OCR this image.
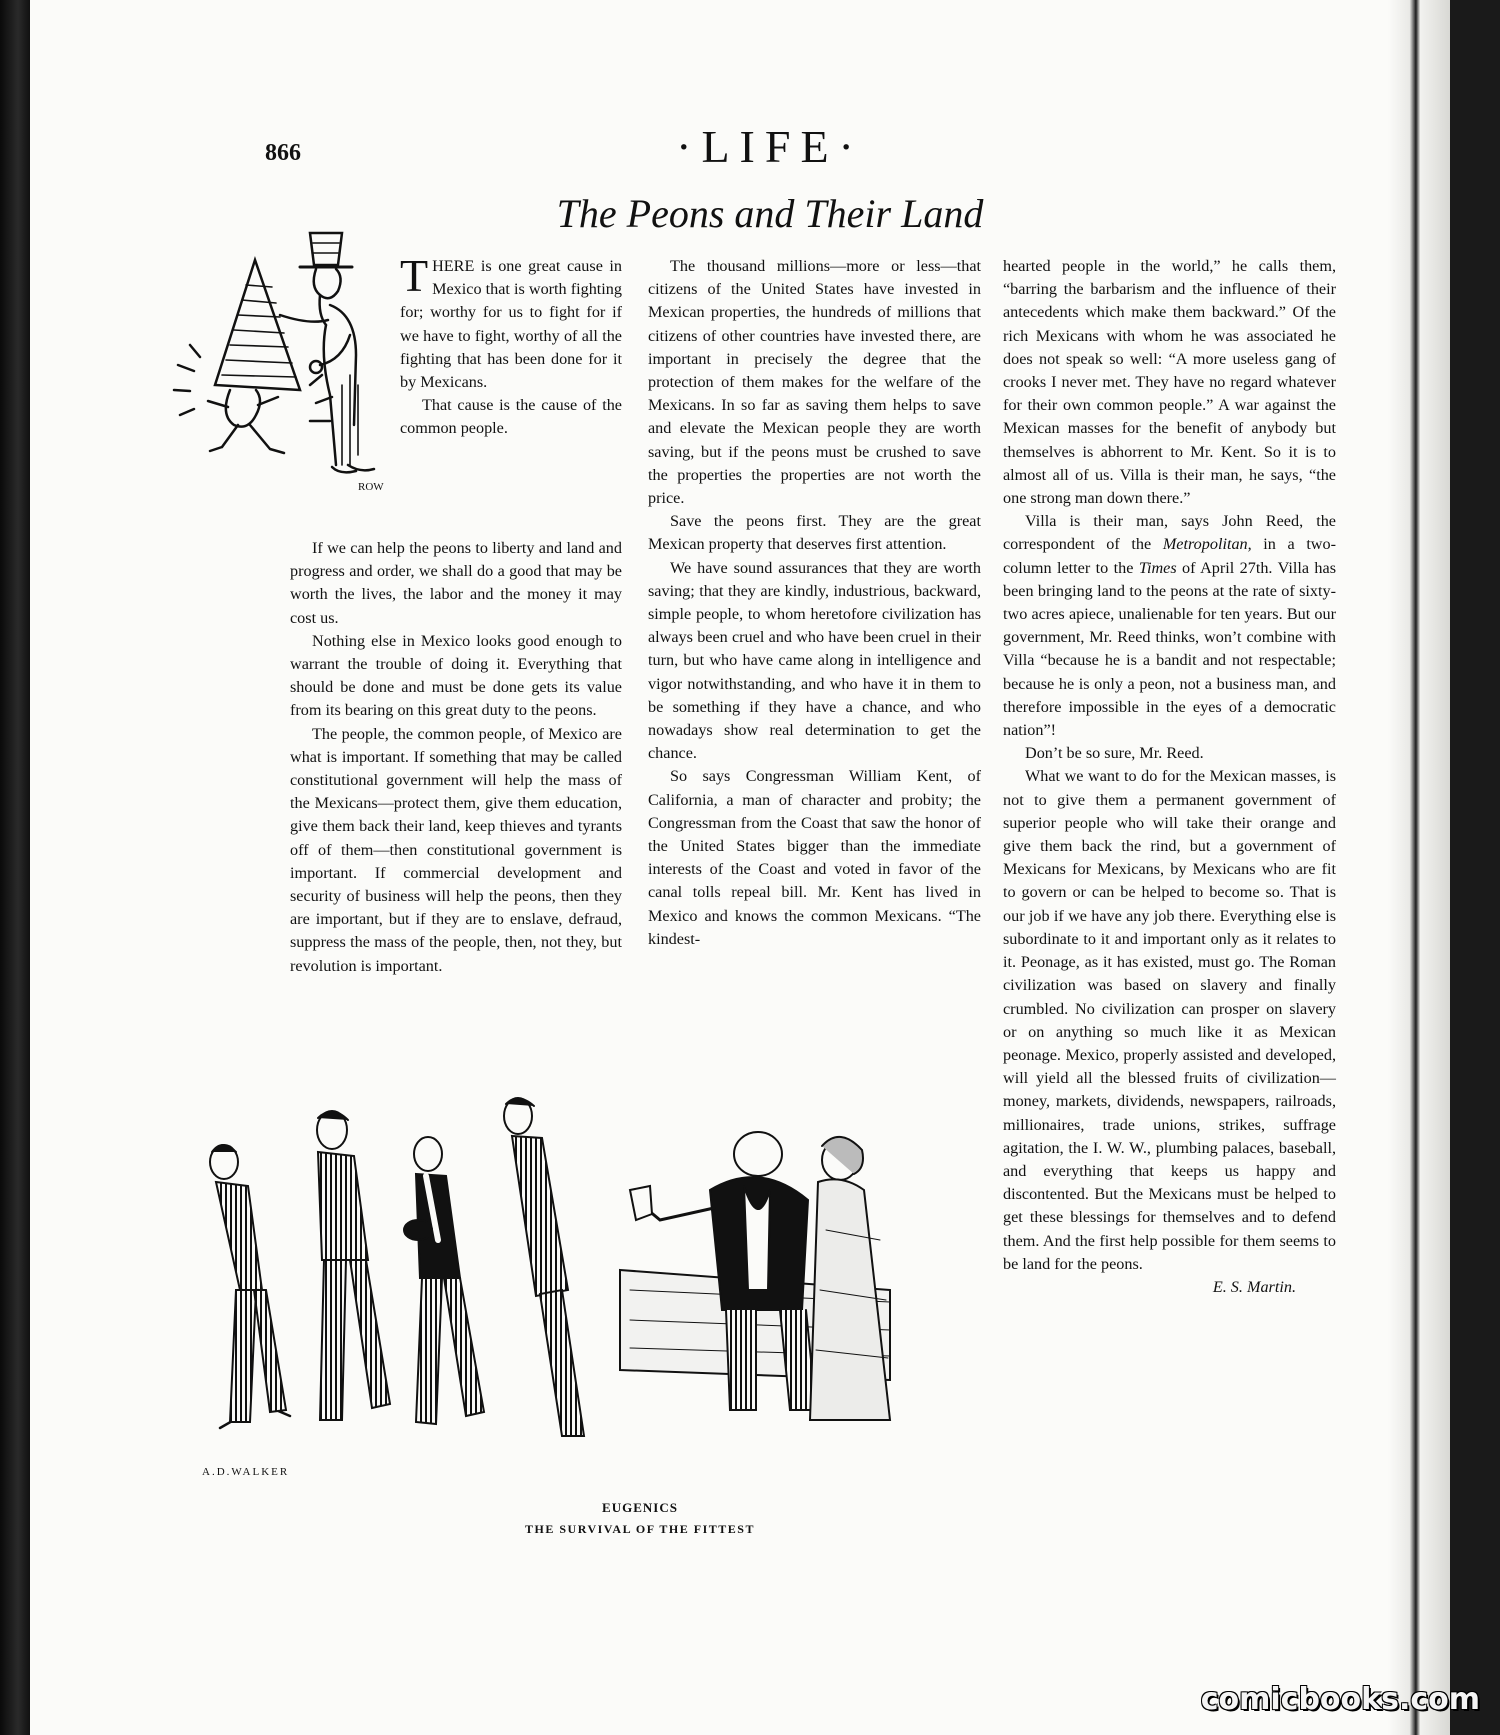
866	·LIFE·
The Peons and Their Land
ROW

THERE is one great cause in Mexico that is worth fighting for; worthy for us to fight for if we have to fight, worthy of all the fighting that has been done for it by Mexicans.

That cause is the cause of the common people.

If we can help the peons to liberty and land and progress and order, we shall do a good that may be worth the lives, the labor and the money it may cost us.

Nothing else in Mexico looks good enough to warrant the trouble of doing it. Everything that should be done and must be done gets its value from its bearing on this great duty to the peons.

The people, the common people, of Mexico are what is important. If something that may be called constitutional government will help the mass of the Mexicans—protect them, give them education, give them back their land, keep thieves and tyrants off of them—then constitutional government is important. If commercial development and security of business will help the peons, then they are important, but if they are to enslave, defraud, suppress the mass of the people, then, not they, but revolution is important.

The thousand millions—more or less—that citizens of the United States have invested in Mexican properties, the hundreds of millions that citizens of other countries have invested there, are important in precisely the degree that the protection of them makes for the welfare of the Mexicans. In so far as saving them helps to save and elevate the Mexican people they are worth saving, but if the peons must be crushed to save the properties the properties are not worth the price.

Save the peons first. They are the great Mexican property that deserves first attention.

We have sound assurances that they are worth saving; that they are kindly, industrious, backward, simple people, to whom heretofore civilization has always been cruel and who have been cruel in their turn, but who have came along in intelligence and vigor notwithstanding, and who have it in them to be something if they have a chance, and who nowadays show real determination to get the chance.

So says Congressman William Kent, of California, a man of character and probity; the Congressman from the Coast that saw the honor of the United States bigger than the immediate interests of the Coast and voted in favor of the canal tolls repeal bill. Mr. Kent has lived in Mexico and knows the common Mexicans. “The kindest-

hearted people in the world,” he calls them, “barring the barbarism and the influence of their antecedents which make them backward.” Of the rich Mexicans with whom he was associated he does not speak so well: “A more useless gang of crooks I never met. They have no regard whatever for their own common people.” A war against the Mexican masses for the benefit of anybody but themselves is abhorrent to Mr. Kent. So it is to almost all of us. Villa is their man, he says, “the one strong man down there.”

Villa is their man, says John Reed, the correspondent of the Metropolitan, in a two-column letter to the Times of April 27th. Villa has been bringing land to the peons at the rate of sixty-two acres apiece, unalienable for ten years. But our government, Mr. Reed thinks, won’t combine with Villa “because he is a bandit and not respectable; because he is only a peon, not a business man, and therefore impossible in the eyes of a democratic nation”!

Don’t be so sure, Mr. Reed.

What we want to do for the Mexican masses, is not to give them a permanent government of superior people who will take their orange and give them back the rind, but a government of Mexicans for Mexicans, by Mexicans who are fit to govern or can be helped to become so. That is our job if we have any job there. Everything else is subordinate to it and important only as it relates to it. Peonage, as it has existed, must go. The Roman civilization was based on slavery and finally crumbled. No civilization can prosper on slavery or on anything so much like it as Mexican peonage. Mexico, properly assisted and developed, will yield all the blessed fruits of civilization—money, markets, dividends, newspapers, railroads, millionaires, trade unions, strikes, suffrage agitation, the I. W. W., plumbing palaces, baseball, and everything that keeps us happy and discontented. But the Mexicans must be helped to get these blessings for themselves and to defend them. And the first help possible for them seems to be land for the peons.

E. S. Martin.

A.D.WALKER
EUGENICS
THE SURVIVAL OF THE FITTEST
comicbooks.com
